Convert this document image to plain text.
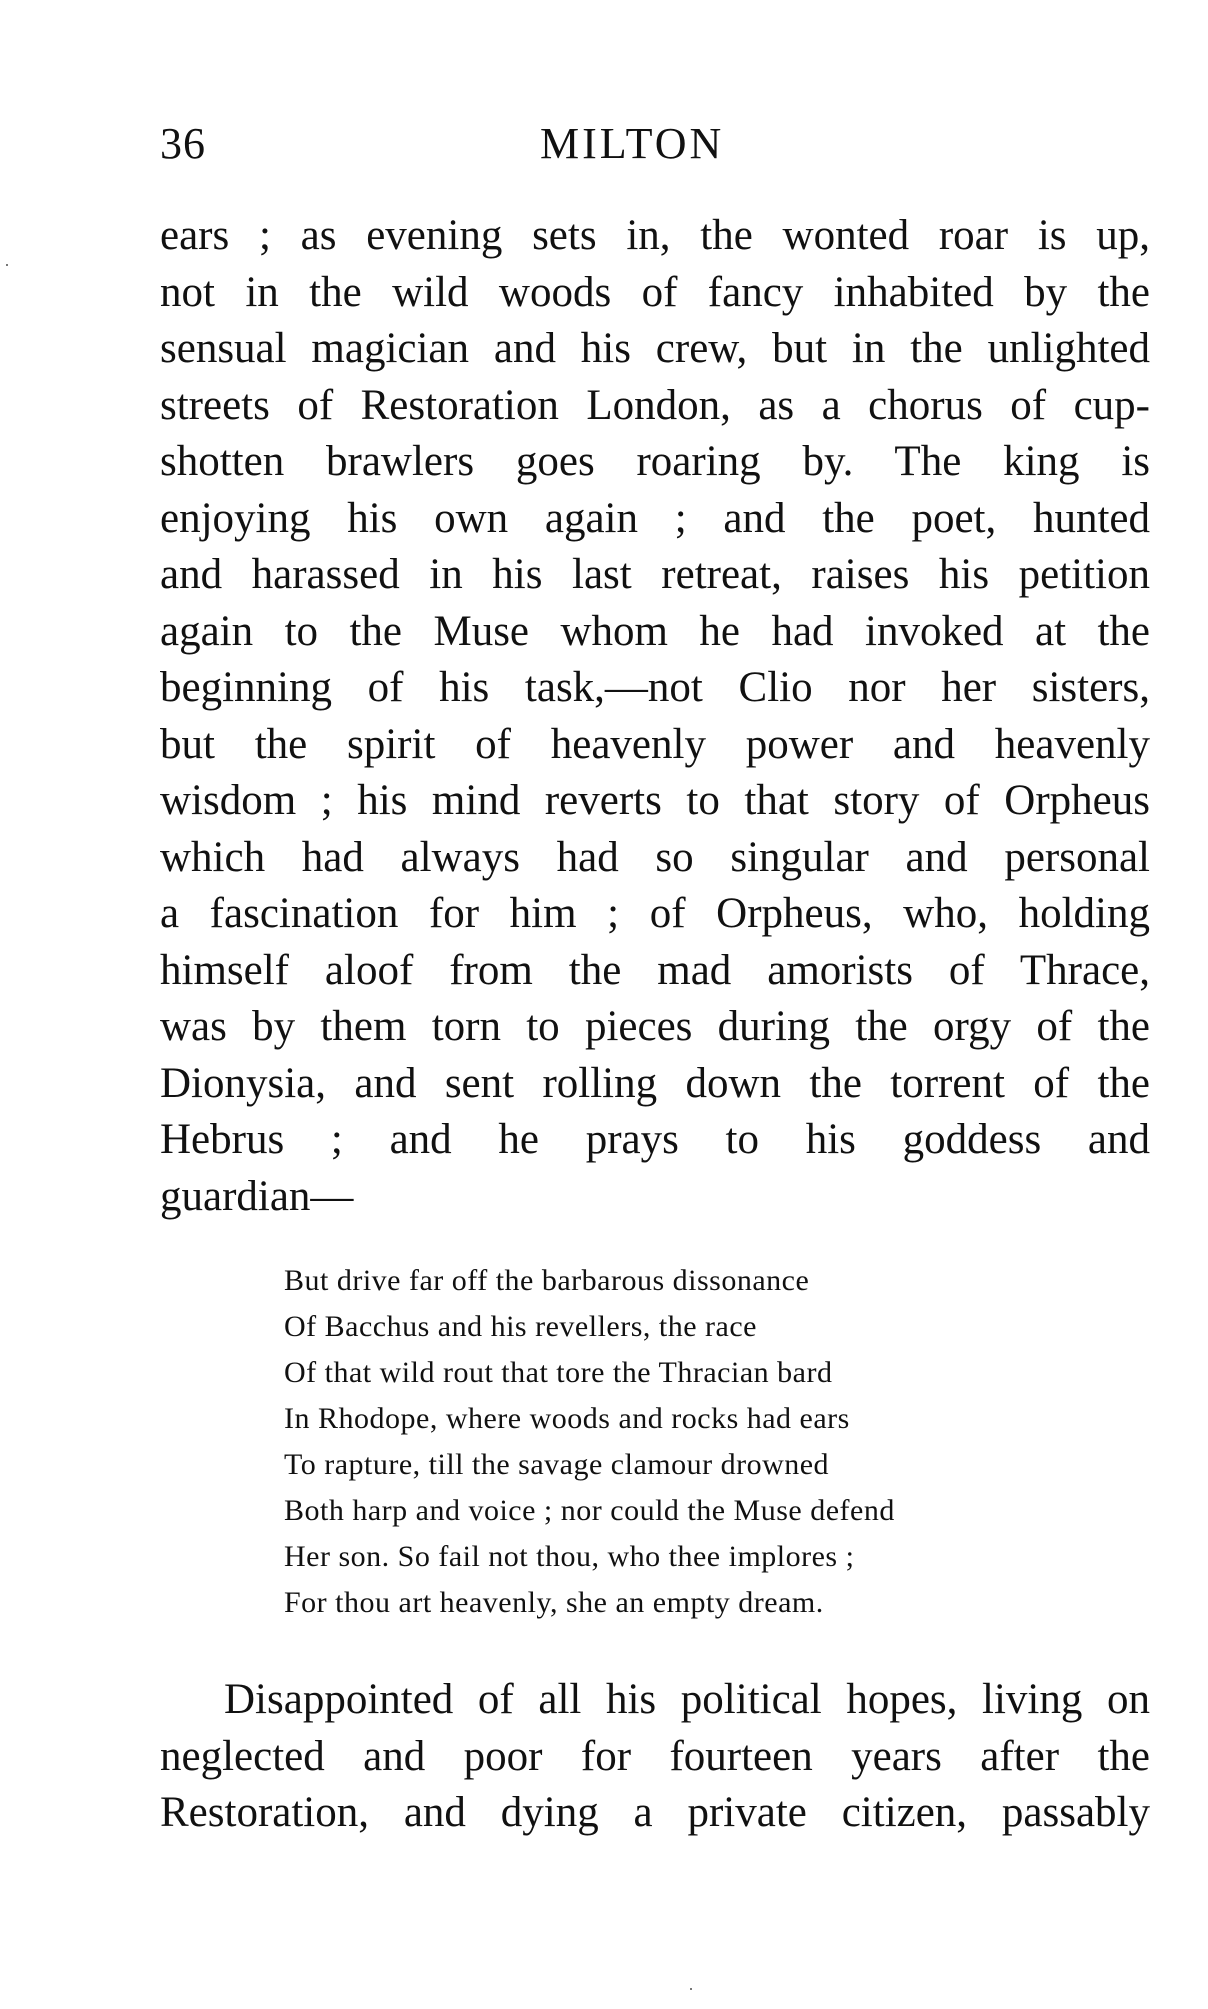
36	MILTON
ears ; as evening sets in, the wonted roar is up,
not in the wild woods of fancy inhabited by the
sensual magician and his crew, but in the unlighted
streets of Restoration London, as a chorus of cup-
shotten brawlers goes roaring by. The king is
enjoying his own again ; and the poet, hunted
and harassed in his last retreat, raises his petition
again to the Muse whom he had invoked at the
beginning of his task,—not Clio nor her sisters,
but the spirit of heavenly power and heavenly
wisdom ; his mind reverts to that story of Orpheus
which had always had so singular and personal
a fascination for him ; of Orpheus, who, holding
himself aloof from the mad amorists of Thrace,
was by them torn to pieces during the orgy of the
Dionysia, and sent rolling down the torrent of the
Hebrus ; and he prays to his goddess and
guardian—
But drive far off the barbarous dissonance
Of Bacchus and his revellers, the race
Of that wild rout that tore the Thracian bard
In Rhodope, where woods and rocks had ears
To rapture, till the savage clamour drowned
Both harp and voice ; nor could the Muse defend
Her son. So fail not thou, who thee implores ;
For thou art heavenly, she an empty dream.
Disappointed of all his political hopes, living on
neglected and poor for fourteen years after the
Restoration, and dying a private citizen, passably
